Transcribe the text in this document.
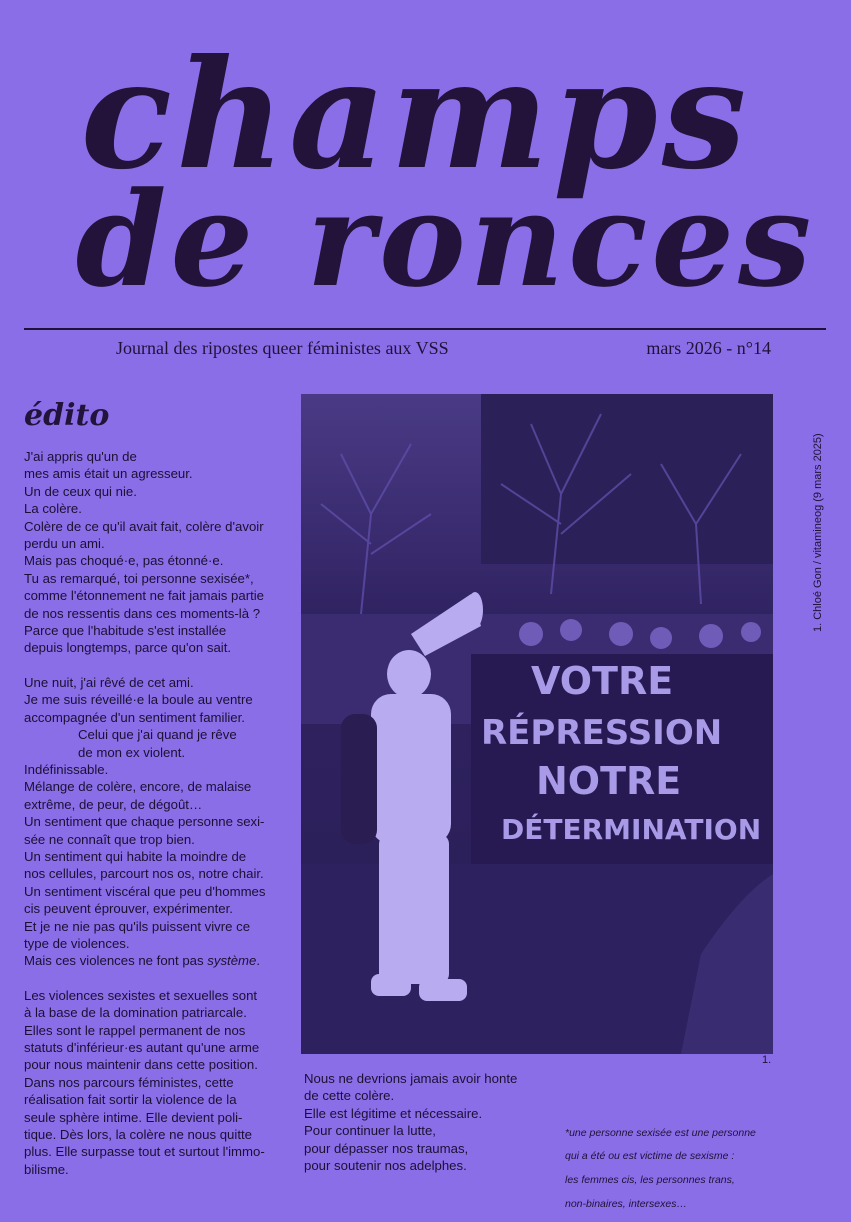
champs
de ronces
Journal des ripostes queer féministes aux VSS	mars 2026 - n°14
édito

J'ai appris qu'un de

mes amis était un agresseur.

Un de ceux qui nie.

La colère.

Colère de ce qu'il avait fait, colère d'avoir

perdu un ami.

Mais pas choqué·e, pas étonné·e.

Tu as remarqué, toi personne sexisée*,

comme l'étonnement ne fait jamais partie

de nos ressentis dans ces moments-là ?

Parce que l'habitude s'est installée

depuis longtemps, parce qu'on sait.

Une nuit, j'ai rêvé de cet ami.

Je me suis réveillé·e la boule au ventre

accompagnée d'un sentiment familier.

Celui que j'ai quand je rêve

de mon ex violent.

Indéfinissable.

Mélange de colère, encore, de malaise

extrême, de peur, de dégoût…

Un sentiment que chaque personne sexi-

sée ne connaît que trop bien.

Un sentiment qui habite la moindre de

nos cellules, parcourt nos os, notre chair.

Un sentiment viscéral que peu d'hommes

cis peuvent éprouver, expérimenter.

Et je ne nie pas qu'ils puissent vivre ce

type de violences.

Mais ces violences ne font pas système.

Les violences sexistes et sexuelles sont

à la base de la domination patriarcale.

Elles sont le rappel permanent de nos

statuts d'inférieur·es autant qu'une arme

pour nous maintenir dans cette position.

Dans nos parcours féministes, cette

réalisation fait sortir la violence de la

seule sphère intime. Elle devient poli-

tique. Dès lors, la colère ne nous quitte

plus. Elle surpasse tout et surtout l'immo-

bilisme.

VOTRE
RÉPRESSION
NOTRE
DÉTERMINATION
1.
1. Chloé Gon / vitamineog (9 mars 2025)

Nous ne devrions jamais avoir honte

de cette colère.

Elle est légitime et nécessaire.

Pour continuer la lutte,

pour dépasser nos traumas,

pour soutenir nos adelphes.

*une personne sexisée est une personne

qui a été ou est victime de sexisme :

les femmes cis, les personnes trans,

non-binaires, intersexes…
